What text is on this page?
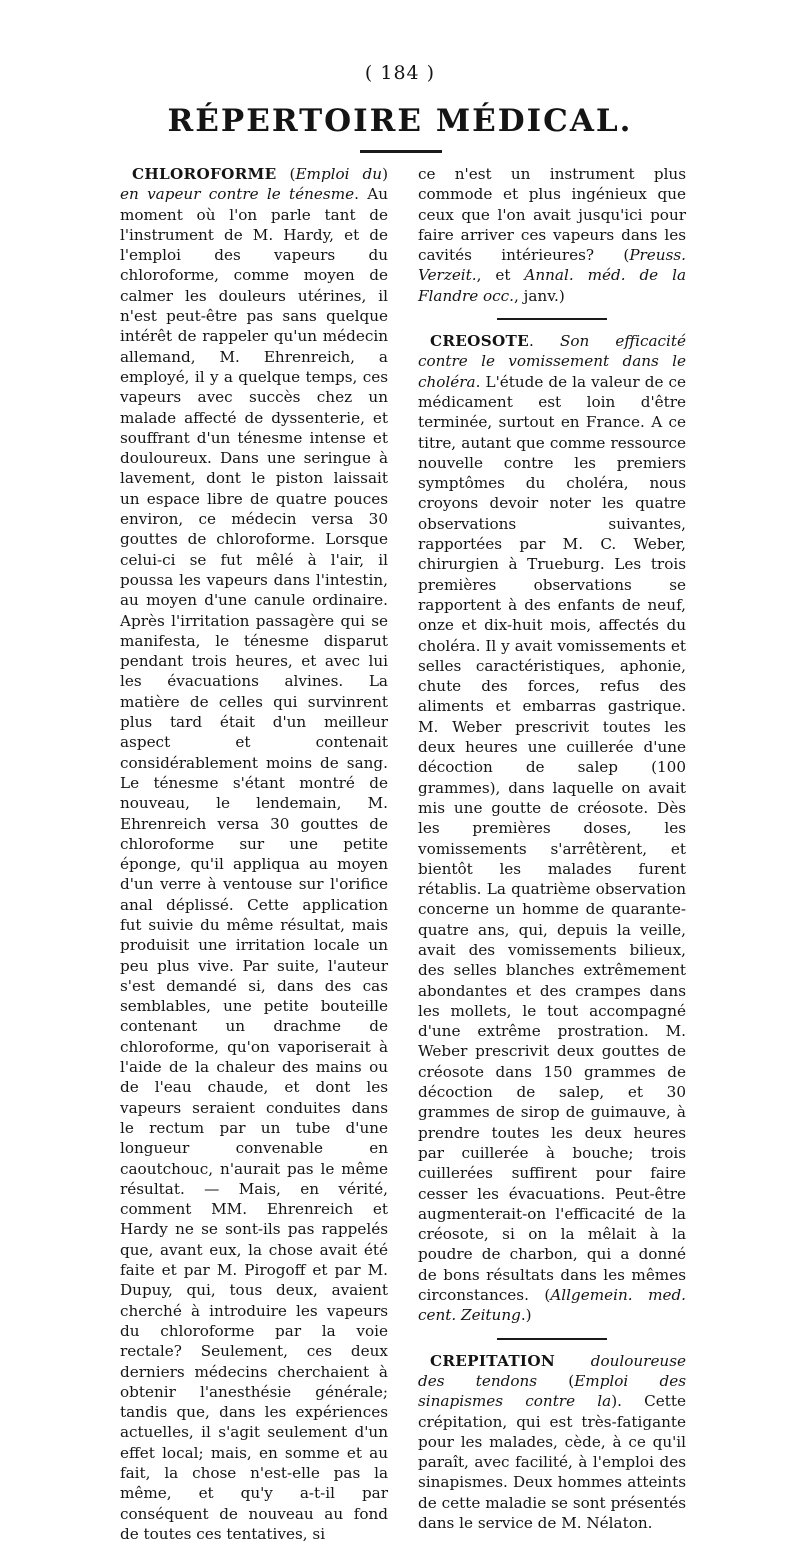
( 184 )
RÉPERTOIRE MÉDICAL.

CHLOROFORME (Emploi du) en vapeur contre le ténesme. Au moment où l'on parle tant de l'instrument de M. Hardy, et de l'emploi des vapeurs du chloroforme, comme moyen de calmer les douleurs utérines, il n'est peut-être pas sans quelque intérêt de rappeler qu'un médecin allemand, M. Ehrenreich, a employé, il y a quelque temps, ces vapeurs avec succès chez un malade affecté de dyssenterie, et souffrant d'un ténesme intense et douloureux. Dans une seringue à lavement, dont le piston laissait un espace libre de quatre pouces environ, ce médecin versa 30 gouttes de chloroforme. Lorsque celui-ci se fut mêlé à l'air, il poussa les vapeurs dans l'intestin, au moyen d'une canule ordinaire. Après l'irritation passagère qui se manifesta, le ténesme disparut pendant trois heures, et avec lui les évacuations alvines. La matière de celles qui survinrent plus tard était d'un meilleur aspect et contenait considérablement moins de sang. Le ténesme s'étant montré de nouveau, le lendemain, M. Ehrenreich versa 30 gouttes de chloroforme sur une petite éponge, qu'il appliqua au moyen d'un verre à ventouse sur l'orifice anal déplissé. Cette application fut suivie du même résultat, mais produisit une irritation locale un peu plus vive. Par suite, l'auteur s'est demandé si, dans des cas semblables, une petite bouteille contenant un drachme de chloroforme, qu'on vaporiserait à l'aide de la chaleur des mains ou de l'eau chaude, et dont les vapeurs seraient conduites dans le rectum par un tube d'une longueur convenable en caoutchouc, n'aurait pas le même résultat. — Mais, en vérité, comment MM. Ehrenreich et Hardy ne se sont-ils pas rappelés que, avant eux, la chose avait été faite et par M. Pirogoff et par M. Dupuy, qui, tous deux, avaient cherché à introduire les vapeurs du chloroforme par la voie rectale? Seulement, ces deux derniers médecins cherchaient à obtenir l'anesthésie générale; tandis que, dans les expériences actuelles, il s'agit seulement d'un effet local; mais, en somme et au fait, la chose n'est-elle pas la même, et qu'y a-t-il par conséquent de nouveau au fond de toutes ces tentatives, si

ce n'est un instrument plus commode et plus ingénieux que ceux que l'on avait jusqu'ici pour faire arriver ces vapeurs dans les cavités intérieures? (Preuss. Verzeit., et Annal. méd. de la Flandre occ., janv.)

CREOSOTE. Son efficacité contre le vomissement dans le choléra. L'étude de la valeur de ce médicament est loin d'être terminée, surtout en France. A ce titre, autant que comme ressource nouvelle contre les premiers symptômes du choléra, nous croyons devoir noter les quatre observations suivantes, rapportées par M. C. Weber, chirurgien à Trueburg. Les trois premières observations se rapportent à des enfants de neuf, onze et dix-huit mois, affectés du choléra. Il y avait vomissements et selles caractéristiques, aphonie, chute des forces, refus des aliments et embarras gastrique. M. Weber prescrivit toutes les deux heures une cuillerée d'une décoction de salep (100 grammes), dans laquelle on avait mis une goutte de créosote. Dès les premières doses, les vomissements s'arrêtèrent, et bientôt les malades furent rétablis. La quatrième observation concerne un homme de quarante-quatre ans, qui, depuis la veille, avait des vomissements bilieux, des selles blanches extrêmement abondantes et des crampes dans les mollets, le tout accompagné d'une extrême prostration. M. Weber prescrivit deux gouttes de créosote dans 150 grammes de décoction de salep, et 30 grammes de sirop de guimauve, à prendre toutes les deux heures par cuillerée à bouche; trois cuillerées suffirent pour faire cesser les évacuations. Peut-être augmenterait-on l'efficacité de la créosote, si on la mêlait à la poudre de charbon, qui a donné de bons résultats dans les mêmes circonstances. (Allgemein. med. cent. Zeitung.)

CREPITATION douloureuse des tendons (Emploi des sinapismes contre la). Cette crépitation, qui est très-fatigante pour les malades, cède, à ce qu'il paraît, avec facilité, à l'emploi des sinapismes. Deux hommes atteints de cette maladie se sont présentés dans le service de M. Nélaton.
